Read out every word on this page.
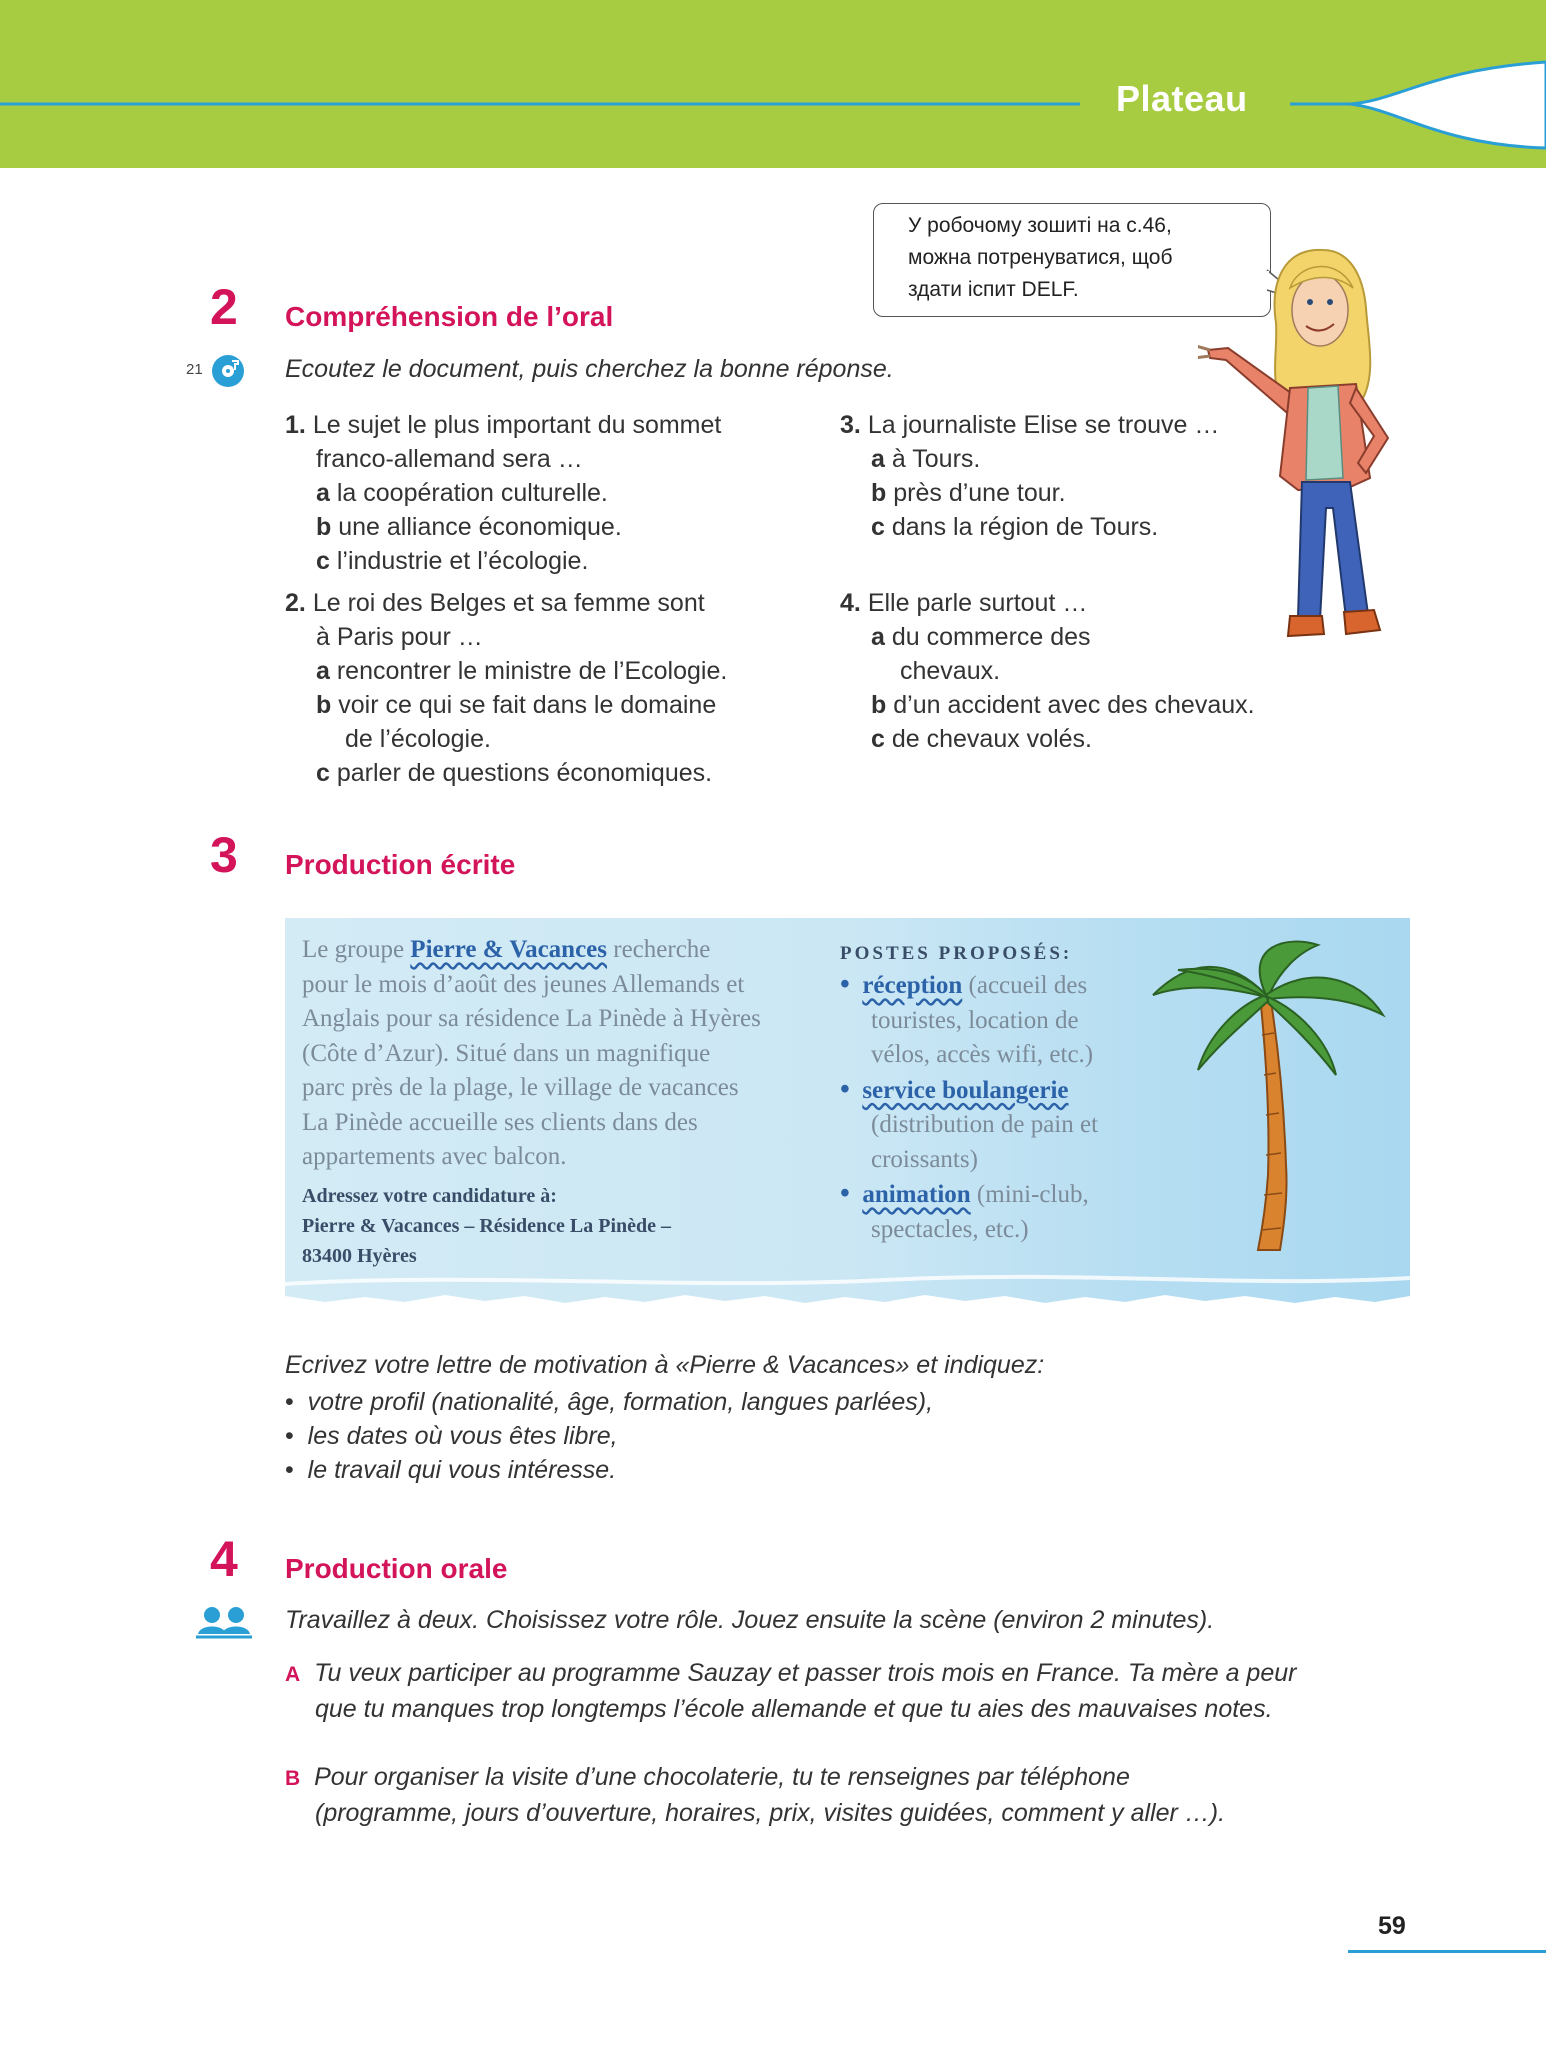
Plateau
У робочому зошиті на с.46,
можна потренуватися, щоб
здати іспит DELF.
2 Compréhension de l’oral
21	Ecoutez le document, puis cherchez la bonne réponse.
1. Le sujet le plus important du sommet
franco-allemand sera …
a la coopération culturelle.
b une alliance économique.
c l’industrie et l’écologie.
2. Le roi des Belges et sa femme sont
à Paris pour …
a rencontrer le ministre de l’Ecologie.
b voir ce qui se fait dans le domaine
de l’écologie.
c parler de questions économiques.
3. La journaliste Elise se trouve …
a à Tours.
b près d’une tour.
c dans la région de Tours.
4. Elle parle surtout …
a du commerce des
chevaux.
b d’un accident avec des chevaux.
c de chevaux volés.
3 Production écrite
Le groupe Pierre & Vacances recherche
pour le mois d’août des jeunes Allemands et
Anglais pour sa résidence La Pinède à Hyères
(Côte d’Azur). Situé dans un magnifique
parc près de la plage, le village de vacances
La Pinède accueille ses clients dans des
appartements avec balcon.
Adressez votre candidature à:
Pierre & Vacances – Résidence La Pinède –
83400 Hyères
POSTES PROPOSÉS:
• réception (accueil des
touristes, location de
vélos, accès wifi, etc.)
• service boulangerie
(distribution de pain et
croissants)
• animation (mini-club,
spectacles, etc.)
Ecrivez votre lettre de motivation à «Pierre & Vacances» et indiquez:
• votre profil (nationalité, âge, formation, langues parlées),
• les dates où vous êtes libre,
• le travail qui vous intéresse.
4 Production orale
Travaillez à deux. Choisissez votre rôle. Jouez ensuite la scène (environ 2 minutes).
A Tu veux participer au programme Sauzay et passer trois mois en France. Ta mère a peur
que tu manques trop longtemps l’école allemande et que tu aies des mauvaises notes.
B Pour organiser la visite d’une chocolaterie, tu te renseignes par téléphone
(programme, jours d’ouverture, horaires, prix, visites guidées, comment y aller …).
59
